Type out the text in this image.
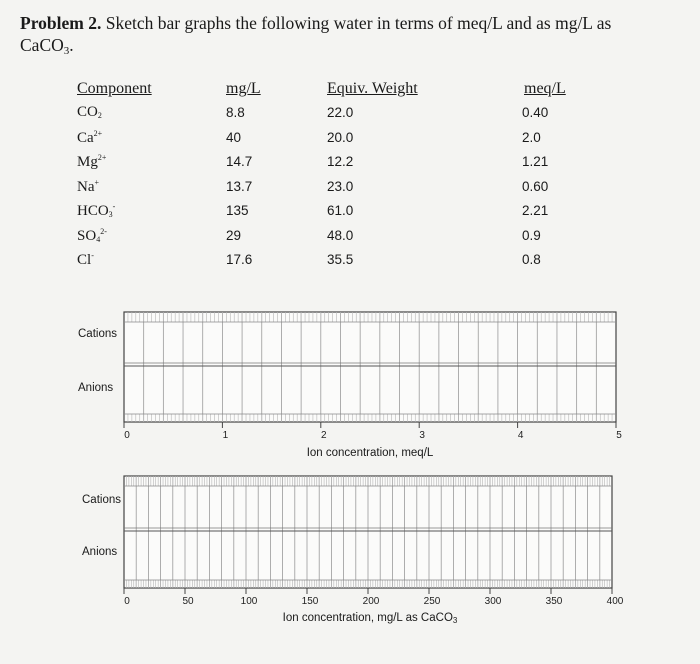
Problem 2. Sketch bar graphs the following water in terms of meq/L and as mg/L as
CaCO$_3$.
Component	mg/L	Equiv. Weight	meq/L
$CO_2$	8.8	22.0	0.40
$Ca^{2+}$	40	20.0	2.0
$Mg^{2+}$	14.7	12.2	1.21
Na+	13.7	23.0	0.60
$HCO_3^-$	135	61.0	2.21
$SO_4^{2-}$	29	48.0	0.9
Cl-	17.6	35.5	0.8
0	1	2	3	4	5
0	50	100	150	200	250	300	350	400
Cations
Anions
Ion concentration, meq/L
Cations
Anions
Ion concentration, mg/L as CaCO3
